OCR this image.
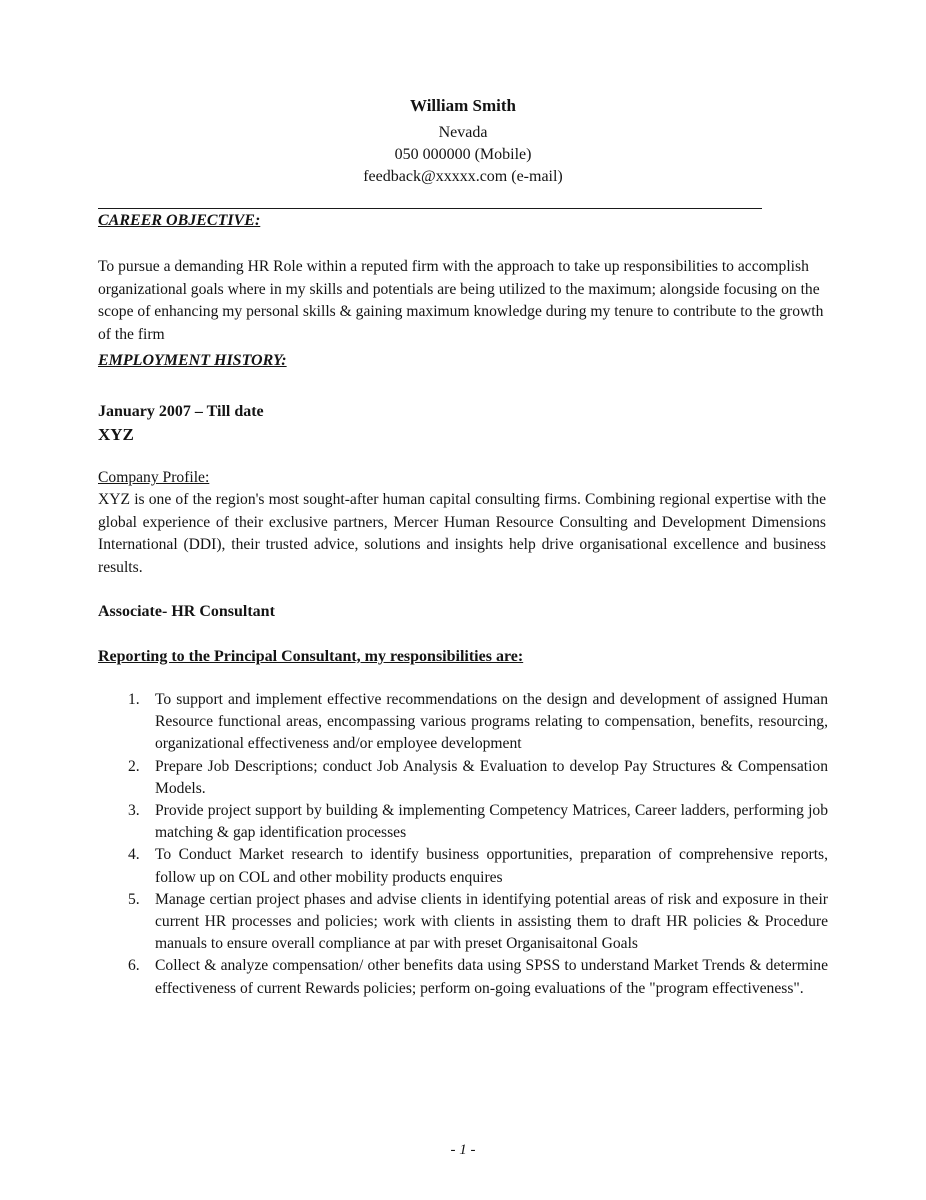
William Smith
Nevada
050 000000 (Mobile)
feedback@xxxxx.com (e-mail)
CAREER OBJECTIVE:
To pursue a demanding HR Role within a reputed firm with the approach to take up responsibilities to accomplish organizational goals where in my skills and potentials are being utilized to the maximum; alongside focusing on the scope of enhancing my personal skills & gaining maximum knowledge during my tenure to contribute to the growth of the firm
EMPLOYMENT HISTORY:
January 2007 – Till date
XYZ
Company Profile:
XYZ is one of the region's most sought-after human capital consulting firms. Combining regional expertise with the global experience of their exclusive partners, Mercer Human Resource Consulting and Development Dimensions International (DDI), their trusted advice, solutions and insights help drive organisational excellence and business results.
Associate- HR Consultant
Reporting to the Principal Consultant, my responsibilities are:
1. To support and implement effective recommendations on the design and development of assigned Human Resource functional areas, encompassing various programs relating to compensation, benefits, resourcing, organizational effectiveness and/or employee development
2. Prepare Job Descriptions; conduct Job Analysis & Evaluation to develop Pay Structures & Compensation Models.
3. Provide project support by building & implementing Competency Matrices, Career ladders, performing job matching & gap identification processes
4. To Conduct Market research to identify business opportunities, preparation of comprehensive reports, follow up on COL and other mobility products enquires
5. Manage certian project phases and advise clients in identifying potential areas of risk and exposure in their current HR processes and policies; work with clients in assisting them to draft HR policies & Procedure manuals to ensure overall compliance at par with preset Organisaitonal Goals
6. Collect & analyze compensation/ other benefits data using SPSS to understand Market Trends & determine effectiveness of current Rewards policies; perform on-going evaluations of the "program effectiveness".
- 1 -
